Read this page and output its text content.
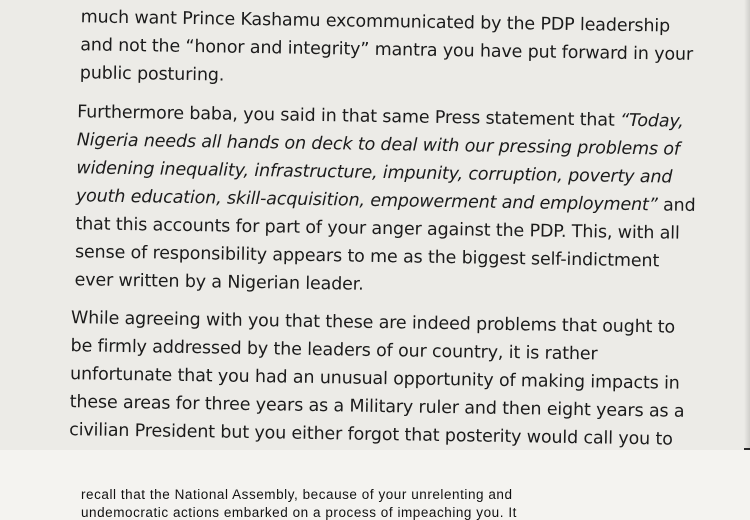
much want Prince Kashamu excommunicated by the PDP leadership
and not the “honor and integrity” mantra you have put forward in your
public posturing.
Furthermore baba, you said in that same Press statement that “Today,
Nigeria needs all hands on deck to deal with our pressing problems of
widening inequality, infrastructure, impunity, corruption, poverty and
youth education, skill-acquisition, empowerment and employment” and
that this accounts for part of your anger against the PDP. This, with all
sense of responsibility appears to me as the biggest self-indictment
ever written by a Nigerian leader.
While agreeing with you that these are indeed problems that ought to
be firmly addressed by the leaders of our country, it is rather
unfortunate that you had an unusual opportunity of making impacts in
these areas for three years as a Military ruler and then eight years as a
civilian President but you either forgot that posterity would call you to
recall that the National Assembly, because of your unrelenting and
undemocratic actions embarked on a process of impeaching you. It
